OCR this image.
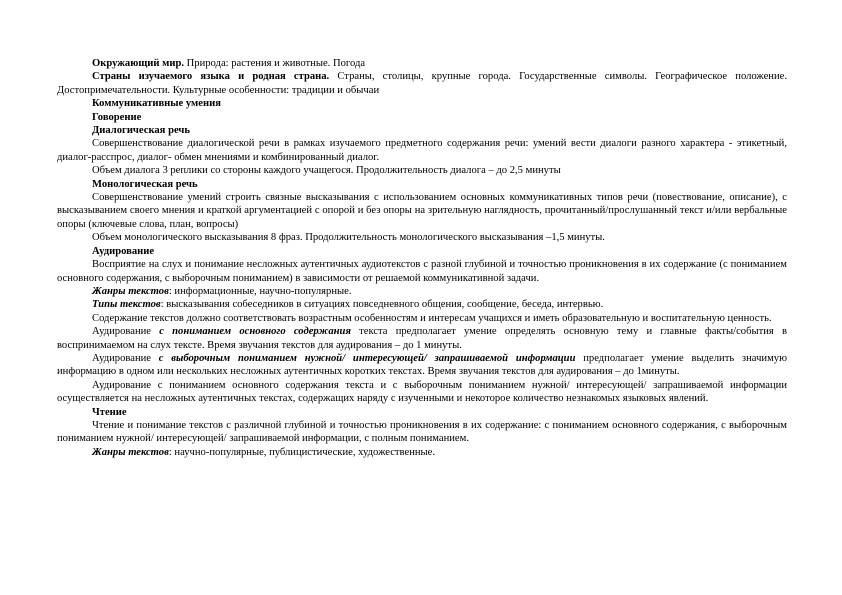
Окружающий мир. Природа: растения и животные. Погода

Страны изучаемого языка и родная страна. Страны, столицы, крупные города. Государственные символы. Географическое положение. Достопримечательности. Культурные особенности: традиции и обычаи

Коммуникативные умения

Говорение

Диалогическая речь

Совершенствование диалогической речи в рамках изучаемого предметного содержания речи: умений вести диалоги разного характера - этикетный, диалог-расспрос, диалог- обмен мнениями и комбинированный диалог.

Объем диалога 3 реплики со стороны каждого учащегося. Продолжительность диалога – до 2,5 минуты

Монологическая речь

Совершенствование умений строить связные высказывания с использованием основных коммуникативных типов речи (повествование, описание), с высказыванием своего мнения и краткой аргументацией с опорой и без опоры на зрительную наглядность, прочитанный/прослушанный текст и/или вербальные опоры (ключевые слова, план, вопросы)

Объем монологического высказывания 8 фраз. Продолжительность монологического высказывания –1,5 минуты.

Аудирование

Восприятие на слух и понимание несложных аутентичных аудиотекстов с разной глубиной и точностью проникновения в их содержание (с пониманием основного содержания, с выборочным пониманием) в зависимости от решаемой коммуникативной задачи.

Жанры текстов: информационные, научно-популярные.

Типы текстов: высказывания собеседников в ситуациях повседневного общения, сообщение, беседа, интервью.

Содержание текстов должно соответствовать возрастным особенностям и интересам учащихся и иметь образовательную и воспитательную ценность.

Аудирование с пониманием основного содержания текста предполагает умение определять основную тему и главные факты/события в воспринимаемом на слух тексте. Время звучания текстов для аудирования – до 1 минуты.

Аудирование с выборочным пониманием нужной/ интересующей/ запрашиваемой информации предполагает умение выделить значимую информацию в одном или нескольких несложных аутентичных коротких текстах. Время звучания текстов для аудирования – до 1минуты.

Аудирование с пониманием основного содержания текста и с выборочным пониманием нужной/ интересующей/ запрашиваемой информации осуществляется на несложных аутентичных текстах, содержащих наряду с изученными и некоторое количество незнакомых языковых явлений.

Чтение

Чтение и понимание текстов с различной глубиной и точностью проникновения в их содержание: с пониманием основного содержания, с выборочным пониманием нужной/ интересующей/ запрашиваемой информации, с полным пониманием.

Жанры текстов: научно-популярные, публицистические, художественные.
